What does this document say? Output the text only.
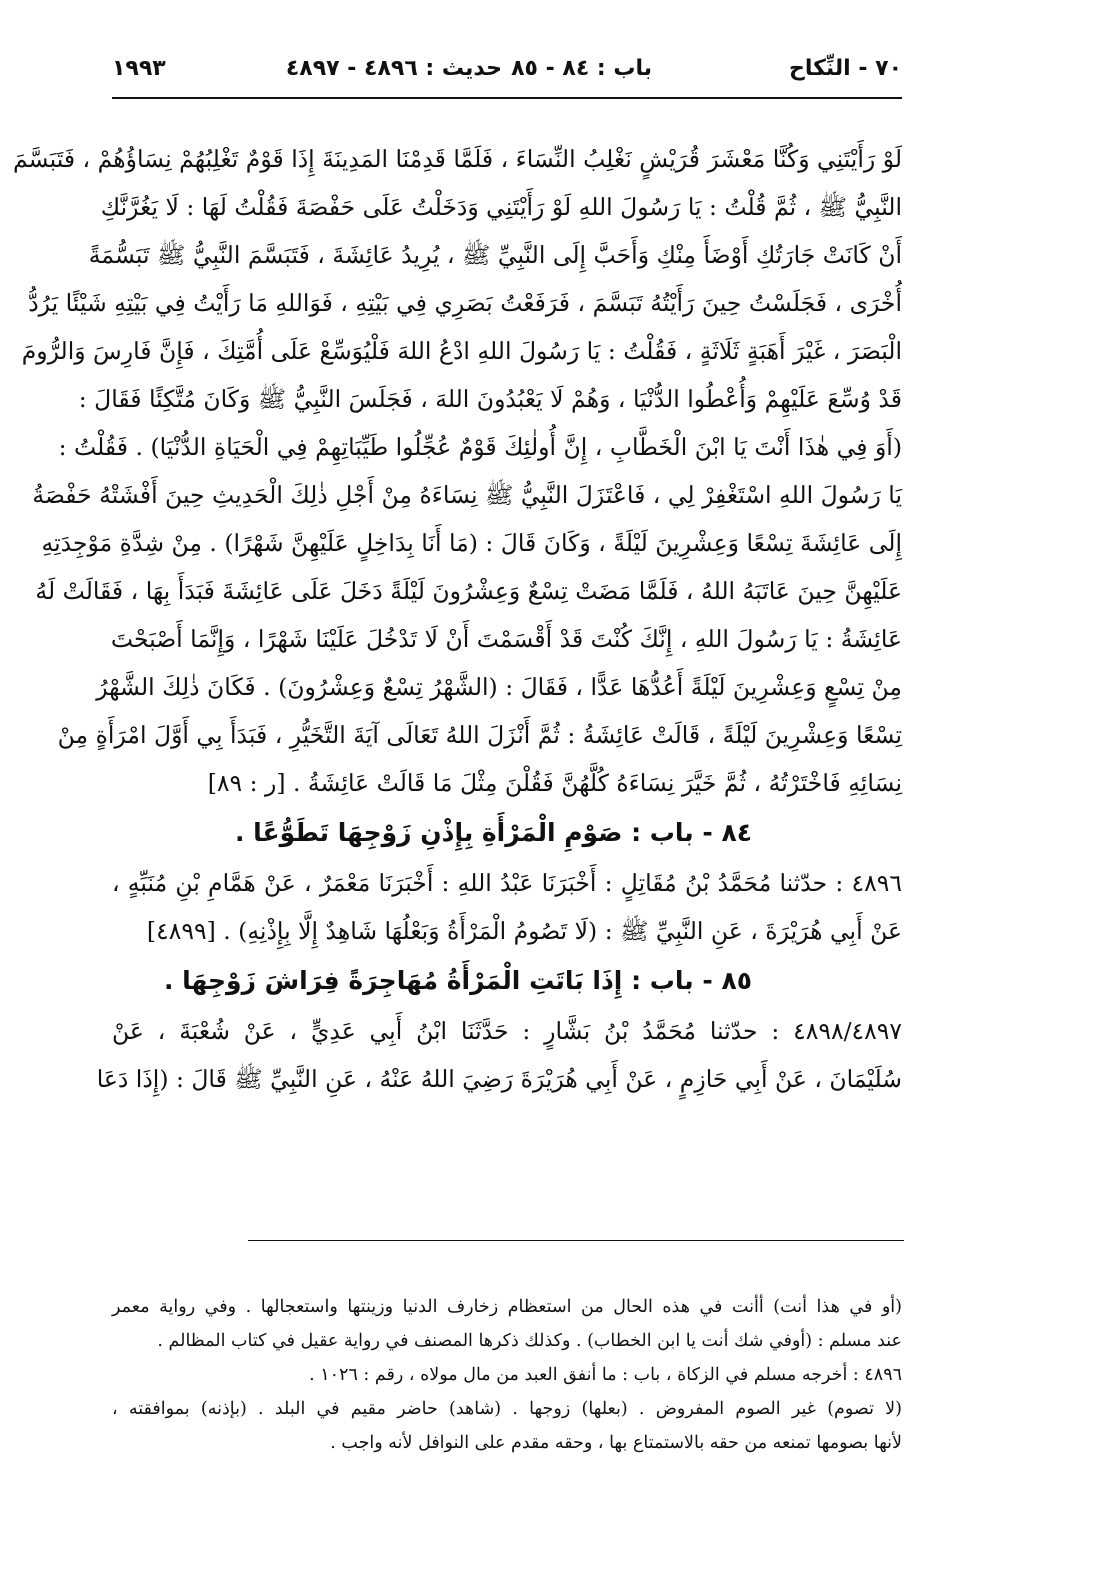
٧٠ - النِّكاح
باب : ٨٤ - ٨٥
حديث : ٤٨٩٦ - ٤٨٩٧
١٩٩٣
لَوْ رَأَيْتَنِي وَكُنَّا مَعْشَرَ قُرَيْشٍ نَغْلِبُ النِّسَاءَ ، فَلَمَّا قَدِمْنَا المَدِينَةَ إِذَا قَوْمٌ تَغْلِبُهُمْ نِسَاؤُهُمْ ، فَتَبَسَّمَ
النَّبِيُّ ﷺ ، ثُمَّ قُلْتُ : يَا رَسُولَ اللهِ لَوْ رَأَيْتَنِي وَدَخَلْتُ عَلَى حَفْصَةَ فَقُلْتُ لَهَا : لَا يَغُرَّنَّكِ
أَنْ كَانَتْ جَارَتُكِ أَوْضَأَ مِنْكِ وَأَحَبَّ إِلَى النَّبِيِّ ﷺ ، يُرِيدُ عَائِشَةَ ، فَتَبَسَّمَ النَّبِيُّ ﷺ تَبَسُّمَةً
أُخْرَى ، فَجَلَسْتُ حِينَ رَأَيْتُهُ تَبَسَّمَ ، فَرَفَعْتُ بَصَرِي فِي بَيْتِهِ ، فَوَاللهِ مَا رَأَيْتُ فِي بَيْتِهِ شَيْئًا يَرُدُّ
الْبَصَرَ ، غَيْرَ أَهَبَةٍ ثَلَاثَةٍ ، فَقُلْتُ : يَا رَسُولَ اللهِ ادْعُ اللهَ فَلْيُوَسِّعْ عَلَى أُمَّتِكَ ، فَإِنَّ فَارِسَ وَالرُّومَ
قَدْ وُسِّعَ عَلَيْهِمْ وَأُعْطُوا الدُّنْيَا ، وَهُمْ لَا يَعْبُدُونَ اللهَ ، فَجَلَسَ النَّبِيُّ ﷺ وَكَانَ مُتَّكِئًا فَقَالَ :
(أَوَ فِي هٰذَا أَنْتَ يَا ابْنَ الْخَطَّابِ ، إِنَّ أُولٰئِكَ قَوْمٌ عُجِّلُوا طَيِّبَاتِهِمْ فِي الْحَيَاةِ الدُّنْيَا) . فَقُلْتُ :
يَا رَسُولَ اللهِ اسْتَغْفِرْ لِي ، فَاعْتَزَلَ النَّبِيُّ ﷺ نِسَاءَهُ مِنْ أَجْلِ ذٰلِكَ الْحَدِيثِ حِينَ أَفْشَتْهُ حَفْصَةُ
إِلَى عَائِشَةَ تِسْعًا وَعِشْرِينَ لَيْلَةً ، وَكَانَ قَالَ : (مَا أَنَا بِدَاخِلٍ عَلَيْهِنَّ شَهْرًا) . مِنْ شِدَّةِ مَوْجِدَتِهِ
عَلَيْهِنَّ حِينَ عَاتَبَهُ اللهُ ، فَلَمَّا مَضَتْ تِسْعٌ وَعِشْرُونَ لَيْلَةً دَخَلَ عَلَى عَائِشَةَ فَبَدَأَ بِهَا ، فَقَالَتْ لَهُ
عَائِشَةُ : يَا رَسُولَ اللهِ ، إِنَّكَ كُنْتَ قَدْ أَقْسَمْتَ أَنْ لَا تَدْخُلَ عَلَيْنَا شَهْرًا ، وَإِنَّمَا أَصْبَحْتَ
مِنْ تِسْعٍ وَعِشْرِينَ لَيْلَةً أَعُدُّهَا عَدًّا ، فَقَالَ : (الشَّهْرُ تِسْعٌ وَعِشْرُونَ) . فَكَانَ ذٰلِكَ الشَّهْرُ
تِسْعًا وَعِشْرِينَ لَيْلَةً ، قَالَتْ عَائِشَةُ : ثُمَّ أَنْزَلَ اللهُ تَعَالَى آيَةَ التَّخَيُّرِ ، فَبَدَأَ بِي أَوَّلَ امْرَأَةٍ مِنْ
نِسَائِهِ فَاخْتَرْتُهُ ، ثُمَّ خَيَّرَ نِسَاءَهُ كُلَّهُنَّ فَقُلْنَ مِثْلَ مَا قَالَتْ عَائِشَةُ . [ر : ٨٩]
٨٤ - باب : صَوْمِ الْمَرْأَةِ بِإِذْنِ زَوْجِهَا تَطَوُّعًا .
٤٨٩٦ : حدّثنا مُحَمَّدُ بْنُ مُقَاتِلٍ : أَخْبَرَنَا عَبْدُ اللهِ : أَخْبَرَنَا مَعْمَرٌ ، عَنْ هَمَّامِ بْنِ مُنَبِّهٍ ،
عَنْ أَبِي هُرَيْرَةَ ، عَنِ النَّبِيِّ ﷺ : (لَا تَصُومُ الْمَرْأَةُ وَبَعْلُهَا شَاهِدٌ إِلَّا بِإِذْنِهِ) . [٤٨٩٩]
٨٥ - باب : إِذَا بَاتَتِ الْمَرْأَةُ مُهَاجِرَةً فِرَاشَ زَوْجِهَا .
٤٨٩٨/٤٨٩٧ : حدّثنا مُحَمَّدُ بْنُ بَشَّارٍ : حَدَّثَنَا ابْنُ أَبِي عَدِيٍّ ، عَنْ شُعْبَةَ ، عَنْ
سُلَيْمَانَ ، عَنْ أَبِي حَازِمٍ ، عَنْ أَبِي هُرَيْرَةَ رَضِيَ اللهُ عَنْهُ ، عَنِ النَّبِيِّ ﷺ قَالَ : (إِذَا دَعَا
(أو في هذا أنت) أأنت في هذه الحال من استعظام زخارف الدنيا وزينتها واستعجالها . وفي رواية معمر
عند مسلم : (أوفي شك أنت يا ابن الخطاب) . وكذلك ذكرها المصنف في رواية عقيل في كتاب المظالم .
٤٨٩٦ : أخرجه مسلم في الزكاة ، باب : ما أنفق العبد من مال مولاه ، رقم : ١٠٢٦ .
(لا تصوم) غير الصوم المفروض . (بعلها) زوجها . (شاهد) حاضر مقيم في البلد . (بإذنه) بموافقته ،
لأنها بصومها تمنعه من حقه بالاستمتاع بها ، وحقه مقدم على النوافل لأنه واجب .
